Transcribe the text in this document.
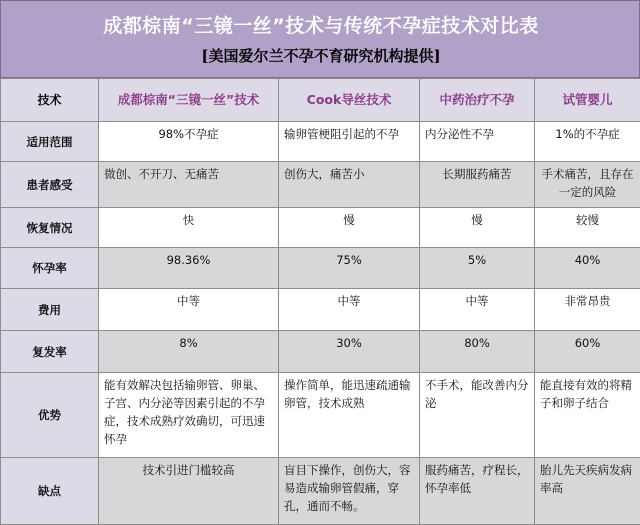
成都棕南“三镜一丝”技术与传统不孕症技术对比表
[美国爱尔兰不孕不育研究机构提供]
技术	成都棕南“三镜一丝”技术	Cook导丝技术	中药治疗不孕	试管婴儿
适用范围	98%不孕症	输卵管梗阻引起的不孕	内分泌性不孕	1%的不孕症
患者感受	微创、不开刀、无痛苦	创伤大，痛苦小	长期服药痛苦	手术痛苦，且存在一定的风险
恢复情况	快	慢	慢	较慢
怀孕率	98.36%	75%	5%	40%
费用	中等	中等	中等	非常昂贵
复发率	8%	30%	80%	60%
优势	能有效解决包括输卵管、卵巢、子宫、内分泌等因素引起的不孕症，技术成熟疗效确切，可迅速怀孕	操作简单，能迅速疏通输卵管，技术成熟	不手术，能改善内分泌	能直接有效的将精子和卵子结合
缺点	技术引进门槛较高	盲目下操作，创伤大，容易造成输卵管假痛，穿孔，通而不畅。	服药痛苦，疗程长，怀孕率低	胎儿先天疾病发病率高
